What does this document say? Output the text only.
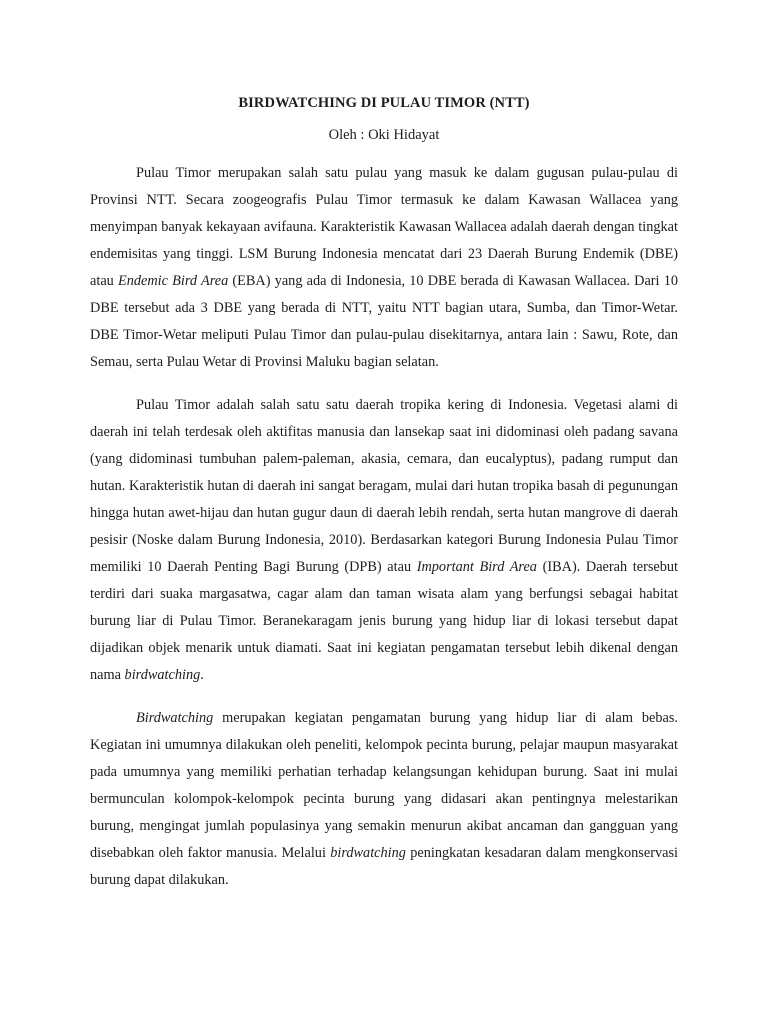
BIRDWATCHING DI PULAU TIMOR (NTT)

Oleh : Oki Hidayat

Pulau Timor merupakan salah satu pulau yang masuk ke dalam gugusan pulau-pulau di Provinsi NTT. Secara zoogeografis Pulau Timor termasuk ke dalam Kawasan Wallacea yang menyimpan banyak kekayaan avifauna. Karakteristik Kawasan Wallacea adalah daerah dengan tingkat endemisitas yang tinggi. LSM Burung Indonesia mencatat dari 23 Daerah Burung Endemik (DBE) atau Endemic Bird Area (EBA) yang ada di Indonesia, 10 DBE berada di Kawasan Wallacea. Dari 10 DBE tersebut ada 3 DBE yang berada di NTT, yaitu NTT bagian utara, Sumba, dan Timor-Wetar. DBE Timor-Wetar meliputi Pulau Timor dan pulau-pulau disekitarnya, antara lain : Sawu, Rote, dan Semau, serta Pulau Wetar di Provinsi Maluku bagian selatan.

Pulau Timor adalah salah satu satu daerah tropika kering di Indonesia. Vegetasi alami di daerah ini telah terdesak oleh aktifitas manusia dan lansekap saat ini didominasi oleh padang savana (yang didominasi tumbuhan palem-paleman, akasia, cemara, dan eucalyptus), padang rumput dan hutan. Karakteristik hutan di daerah ini sangat beragam, mulai dari hutan tropika basah di pegunungan hingga hutan awet-hijau dan hutan gugur daun di daerah lebih rendah, serta hutan mangrove di daerah pesisir (Noske dalam Burung Indonesia, 2010). Berdasarkan kategori Burung Indonesia Pulau Timor memiliki 10 Daerah Penting Bagi Burung (DPB) atau Important Bird Area (IBA). Daerah tersebut terdiri dari suaka margasatwa, cagar alam dan taman wisata alam yang berfungsi sebagai habitat burung liar di Pulau Timor. Beranekaragam jenis burung yang hidup liar di lokasi tersebut dapat dijadikan objek menarik untuk diamati. Saat ini kegiatan pengamatan tersebut lebih dikenal dengan nama birdwatching.

Birdwatching merupakan kegiatan pengamatan burung yang hidup liar di alam bebas. Kegiatan ini umumnya dilakukan oleh peneliti, kelompok pecinta burung, pelajar maupun masyarakat pada umumnya yang memiliki perhatian terhadap kelangsungan kehidupan burung. Saat ini mulai bermunculan kolompok-kelompok pecinta burung yang didasari akan pentingnya melestarikan burung, mengingat jumlah populasinya yang semakin menurun akibat ancaman dan gangguan yang disebabkan oleh faktor manusia. Melalui birdwatching peningkatan kesadaran dalam mengkonservasi burung dapat dilakukan.
